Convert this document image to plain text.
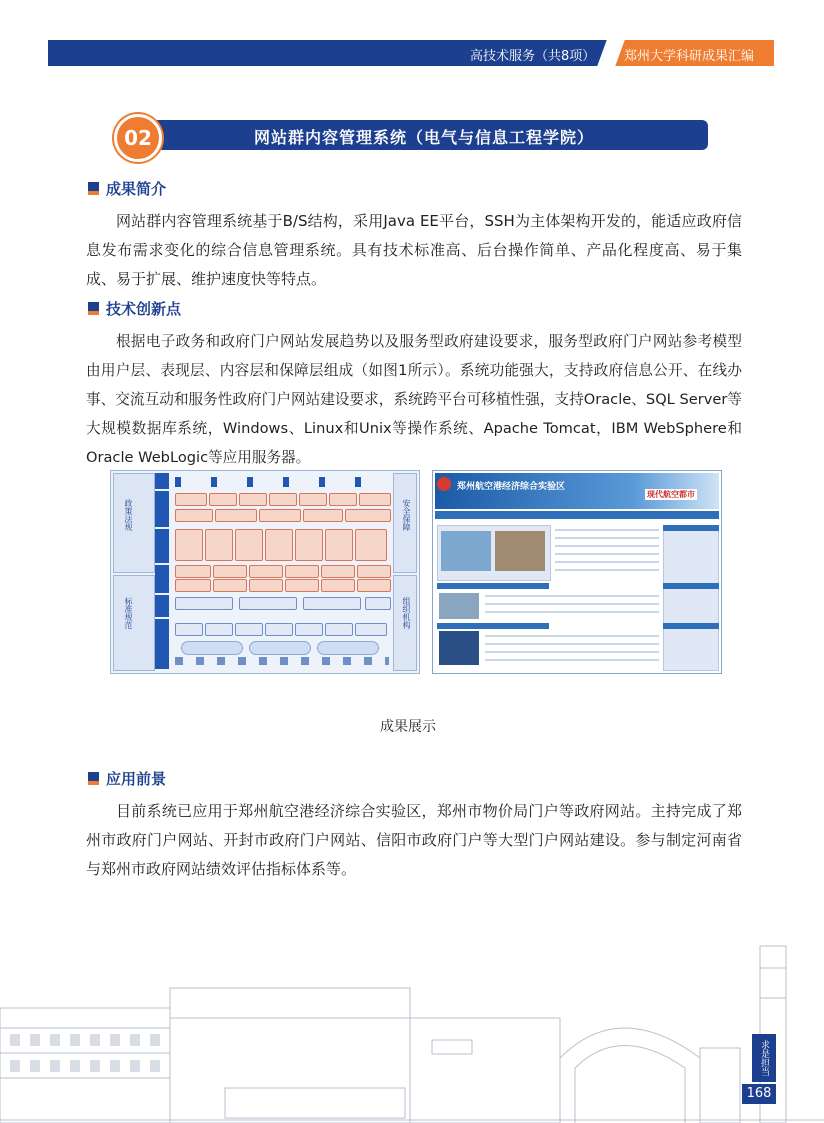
高技术服务（共8项） 郑州大学科研成果汇编
02	网站群内容管理系统（电气与信息工程学院）
成果简介
网站群内容管理系统基于B/S结构，采用Java EE平台，SSH为主体架构开发的，能适应政府信息发布需求变化的综合信息管理系统。具有技术标准高、后台操作简单、产品化程度高、易于集成、易于扩展、维护速度快等特点。
技术创新点
根据电子政务和政府门户网站发展趋势以及服务型政府建设要求，服务型政府门户网站参考模型由用户层、表现层、内容层和保障层组成（如图1所示）。系统功能强大，支持政府信息公开、在线办事、交流互动和服务性政府门户网站建设要求，系统跨平台可移植性强，支持Oracle、SQL Server等大规模数据库系统，Windows、Linux和Unix等操作系统、Apache Tomcat，IBM WebSphere和Oracle WebLogic等应用服务器。
政策法规
标准规范
安全保障
组织机构
郑州航空港经济综合实验区
现代航空都市
成果展示
应用前景
目前系统已应用于郑州航空港经济综合实验区，郑州市物价局门户等政府网站。主持完成了郑州市政府门户网站、开封市政府门户网站、信阳市政府门户等大型门户网站建设。参与制定河南省与郑州市政府网站绩效评估指标体系等。
求是担当
168
